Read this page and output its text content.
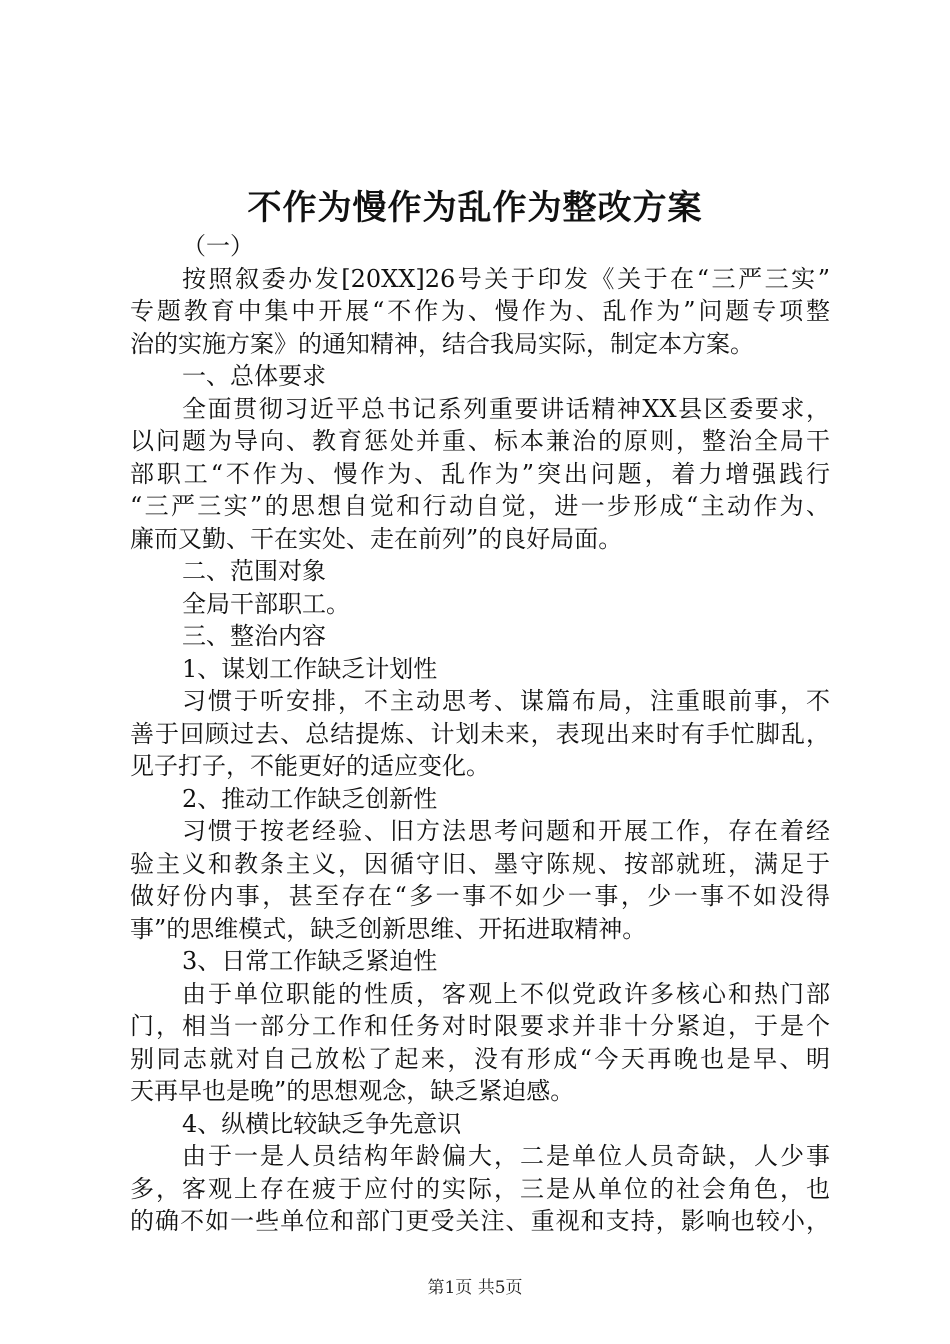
不作为慢作为乱作为整改方案
（一）
按照叙委办发[20XX]26号关于印发《关于在“三严三实”
专题教育中集中开展“不作为、慢作为、乱作为”问题专项整
治的实施方案》的通知精神，结合我局实际，制定本方案。
一、总体要求
全面贯彻习近平总书记系列重要讲话精神XX县区委要求，
以问题为导向、教育惩处并重、标本兼治的原则，整治全局干
部职工“不作为、慢作为、乱作为”突出问题，着力增强践行
“三严三实”的思想自觉和行动自觉，进一步形成“主动作为、
廉而又勤、干在实处、走在前列”的良好局面。
二、范围对象
全局干部职工。
三、整治内容
1、谋划工作缺乏计划性
习惯于听安排，不主动思考、谋篇布局，注重眼前事，不
善于回顾过去、总结提炼、计划未来，表现出来时有手忙脚乱，
见子打子，不能更好的适应变化。
2、推动工作缺乏创新性
习惯于按老经验、旧方法思考问题和开展工作，存在着经
验主义和教条主义，因循守旧、墨守陈规、按部就班，满足于
做好份内事，甚至存在“多一事不如少一事，少一事不如没得
事”的思维模式，缺乏创新思维、开拓进取精神。
3、日常工作缺乏紧迫性
由于单位职能的性质，客观上不似党政许多核心和热门部
门，相当一部分工作和任务对时限要求并非十分紧迫，于是个
别同志就对自己放松了起来，没有形成“今天再晚也是早、明
天再早也是晚”的思想观念，缺乏紧迫感。
4、纵横比较缺乏争先意识
由于一是人员结构年龄偏大，二是单位人员奇缺，人少事
多，客观上存在疲于应付的实际，三是从单位的社会角色，也
的确不如一些单位和部门更受关注、重视和支持，影响也较小，
第1页 共5页
